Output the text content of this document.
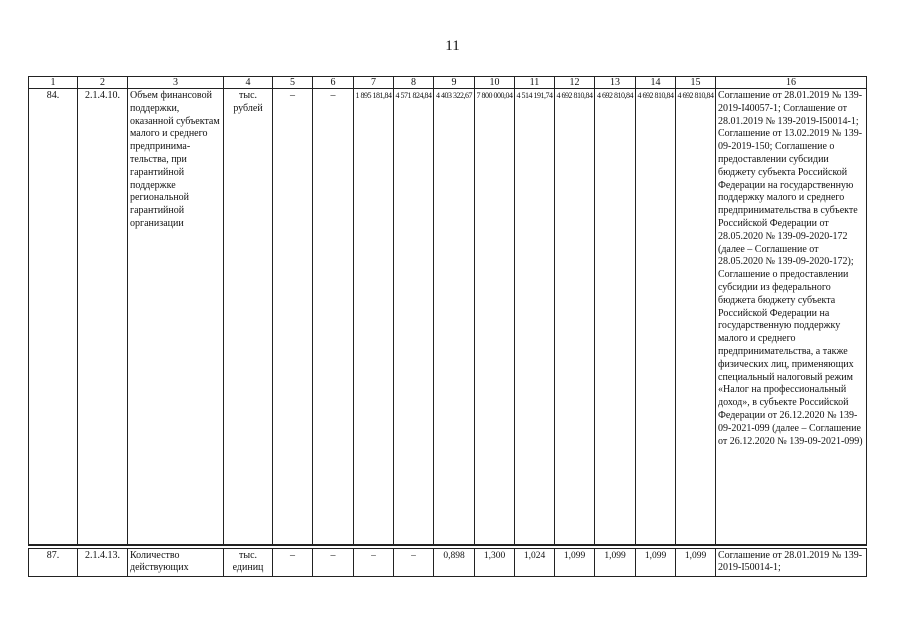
11
1	2	3	4	5	6	7	8	9	10	11	12	13	14	15	16
84.	2.1.4.10.	Объем финансовой поддержки, оказанной субъектам малого и среднего предпринима-тельства, при гарантийной поддержке региональной гарантийной организации	тыс. рублей	–	–	1 895 181,84	4 571 824,84	4 403 322,67	7 800 000,04	4 514 191,74	4 692 810,84	4 692 810,84	4 692 810,84	4 692 810,84	Соглашение от 28.01.2019 № 139-2019-I40057-1; Соглашение от 28.01.2019 № 139-2019-I50014-1; Соглашение от 13.02.2019 № 139-09-2019-150; Соглашение о предоставлении субсидии бюджету субъекта Российской Федерации на государственную поддержку малого и среднего предпринимательства в субъекте Российской Федерации от 28.05.2020 № 139-09-2020-172 (далее – Соглашение от 28.05.2020 № 139-09-2020-172); Соглашение о предоставлении субсидии из федерального бюджета бюджету субъекта Российской Федерации на государственную поддержку малого и среднего предпринимательства, а также физических лиц, применяющих специальный налоговый режим «Налог на профессиональный доход», в субъекте Российской Федерации от 26.12.2020 № 139-09-2021-099 (далее – Соглашение от 26.12.2020 № 139-09-2021-099)

87.	2.1.4.13.	Количество действующих	тыс. единиц	–	–	–	–	0,898	1,300	1,024	1,099	1,099	1,099	1,099	Соглашение от 28.01.2019 № 139-2019-I50014-1;
